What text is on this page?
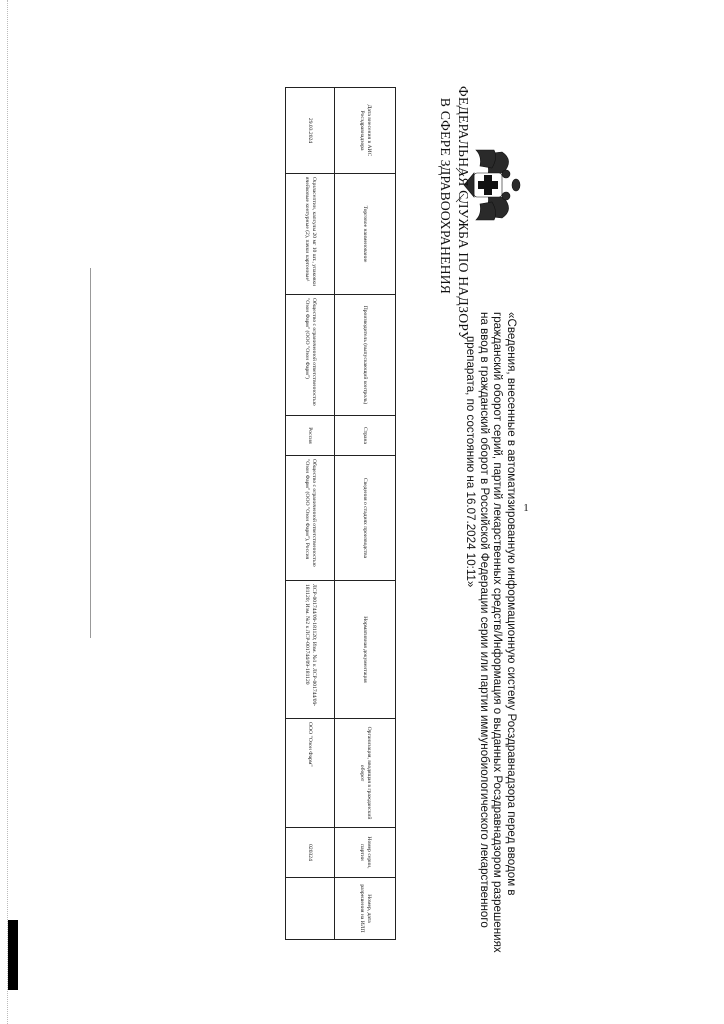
ФЕДЕРАЛЬНАЯ СЛУЖБА ПО НАДЗОРУ
В СФЕРЕ ЗДРАВООХРАНЕНИЯ
«Сведения, внесенные в автоматизированную информационную систему Росздравнадзора перед вводом в
гражданский оборот серий, партий лекарственных средств/Информация о выданных Росздравнадзором разрешениях
на ввод в гражданский оборот в Российской Федерации серии или партии иммунобиологического лекарственного
препарата, по состоянию на 16.07.2024 10:11»
Дата внесения в АИС Росздравнадзора	Торговое наименование	Производитель (выпускающий контроль)	Страна	Сведения о стадиях производства	Нормативная документация	Организация, вводящая в гражданский оборот	Номер серии, партии	Номер, дата разрешения на ИЛП
29.03.2024	Оциласептин, капсулы 20 мг 10 шт., упаковки ячейковые контурные (2), пачки картонные¹	Общество с ограниченной ответственностью "Озон Фарм" (ООО "Озон Фарм")	Россия	Общество с ограниченной ответственностью "Озон Фарм" (ООО "Озон Фарм"), Россия	ЛСР-001744/09-181120; Изм. №1 к ЛСР-001744/09-181120; Изм. №2 к ЛСР-001744/09-181120	ООО "Озон Фарм"	020324	
1
